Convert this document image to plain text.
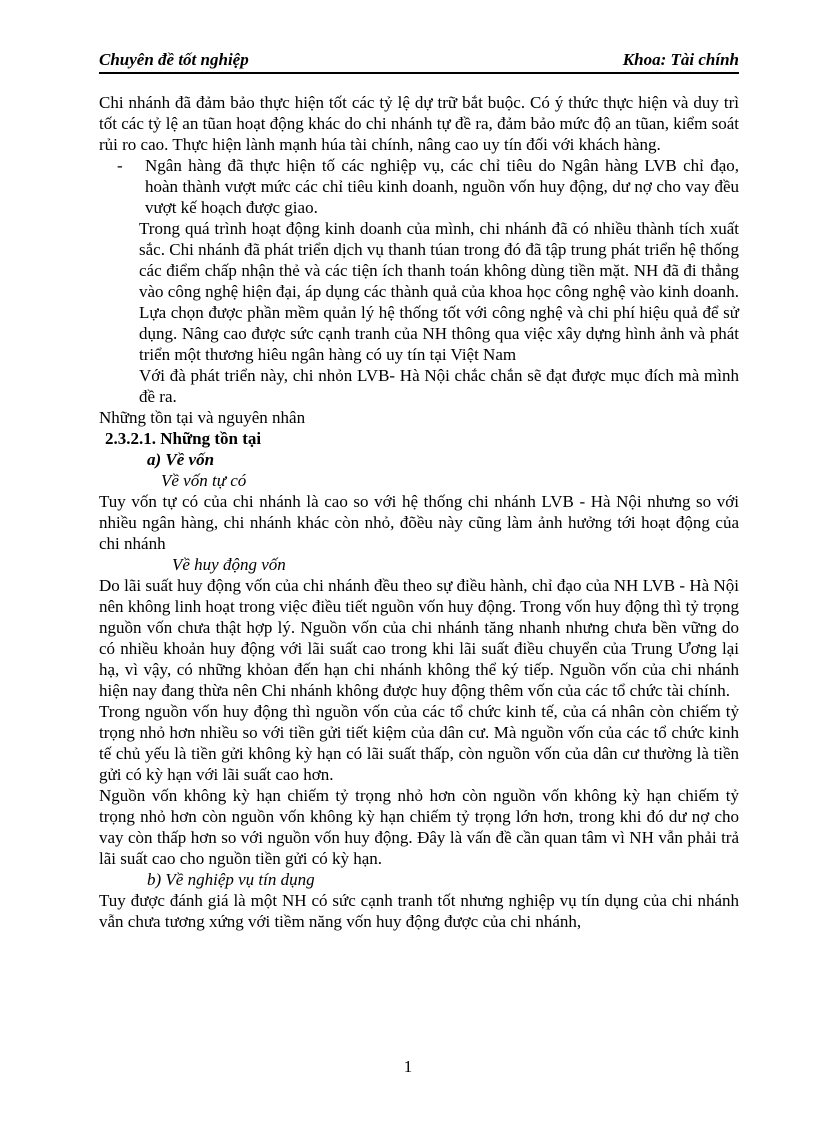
Chuyên đề tốt nghiệp	Khoa: Tài chính

Chi nhánh đã đảm bảo thực hiện tốt các tỷ lệ dự trữ bắt buộc. Có ý thức thực hiện và duy trì tốt các tỷ lệ an tũan hoạt động khác do chi nhánh tự đề ra, đảm bảo mức độ an tũan, kiểm soát rủi ro cao. Thực hiện lành mạnh húa tài chính, nâng cao uy tín đối với khách hàng.

-	Ngân hàng đã thực hiện tố các nghiệp vụ, các chỉ tiêu do Ngân hàng LVB chỉ đạo, hoàn thành vượt mức các chỉ tiêu kinh doanh, nguồn vốn huy động, dư nợ cho vay đều vượt kế hoạch được giao.

Trong quá trình hoạt động kinh doanh của mình, chi nhánh đã có nhiều thành tích xuất sắc. Chi nhánh đã phát triển dịch vụ thanh túan trong đó đã tập trung phát triển hệ thống các điểm chấp nhận thẻ và các tiện ích thanh toán không dùng tiền mặt. NH đã đi thẳng vào công nghệ hiện đại, áp dụng các thành quả của khoa học công nghệ vào kinh doanh. Lựa chọn được phần mềm quản lý hệ thống tốt với công nghệ và chi phí hiệu quả để sử dụng. Nâng cao được sức cạnh tranh của NH thông qua việc xây dựng hình ảnh và phát triển một thương hiêu ngân hàng có uy tín tại Việt Nam

Với đà phát triển này, chi nhỏn LVB- Hà Nội chắc chắn sẽ đạt được mục đích mà mình đề ra.

Những tồn tại và nguyên nhân
2.3.2.1. Những tồn tại
a) Về vốn
Về vốn tự có

Tuy vốn tự có của chi nhánh là cao so với hệ thống chi nhánh LVB - Hà Nội nhưng so với nhiều ngân hàng, chi nhánh khác còn nhỏ, đõều này cũng làm ảnh hưởng tới hoạt động của chi nhánh

Về huy động vốn

Do lãi suất huy động vốn của chi nhánh đều theo sự điều hành, chỉ đạo của NH LVB - Hà Nội nên không linh hoạt trong việc điều tiết nguồn vốn huy động. Trong vốn huy động thì tỷ trọng nguồn vốn chưa thật hợp lý. Nguồn vốn của chi nhánh tăng nhanh nhưng chưa bền vững do có nhiều khoản huy động với lãi suất cao trong khi lãi suất điều chuyển của Trung Ương lại hạ, vì vậy, có những khỏan đến hạn chi nhánh không thể ký tiếp. Nguồn vốn của chi nhánh hiện nay đang thừa nên Chi nhánh không được huy động thêm vốn của các tổ chức tài chính.

Trong nguồn vốn huy động thì nguồn vốn của các tổ chức kinh tế, của cá nhân còn chiếm tỷ trọng nhỏ hơn nhiều so với tiền gửi tiết kiệm của dân cư. Mà nguồn vốn của các tổ chức kinh tế chủ yếu là tiền gửi không kỳ hạn có lãi suất thấp, còn nguồn vốn của dân cư thường là tiền gửi có kỳ hạn với lãi suất cao hơn.

Nguồn vốn không kỳ hạn chiếm tỷ trọng nhỏ hơn còn nguồn vốn không kỳ hạn chiếm tỷ trọng nhỏ hơn còn nguồn vốn không kỳ hạn chiếm tỷ trọng lớn hơn, trong khi đó dư nợ cho vay còn thấp hơn so với nguồn vốn huy động. Đây là vấn đề cần quan tâm vì NH vẫn phải trả lãi suất cao cho nguồn tiền gửi có kỳ hạn.

b) Về nghiệp vụ tín dụng

Tuy được đánh giá là một NH có sức cạnh tranh tốt nhưng nghiệp vụ tín dụng của chi nhánh vẫn chưa tương xứng với tiềm năng vốn huy động được của chi nhánh,

1
